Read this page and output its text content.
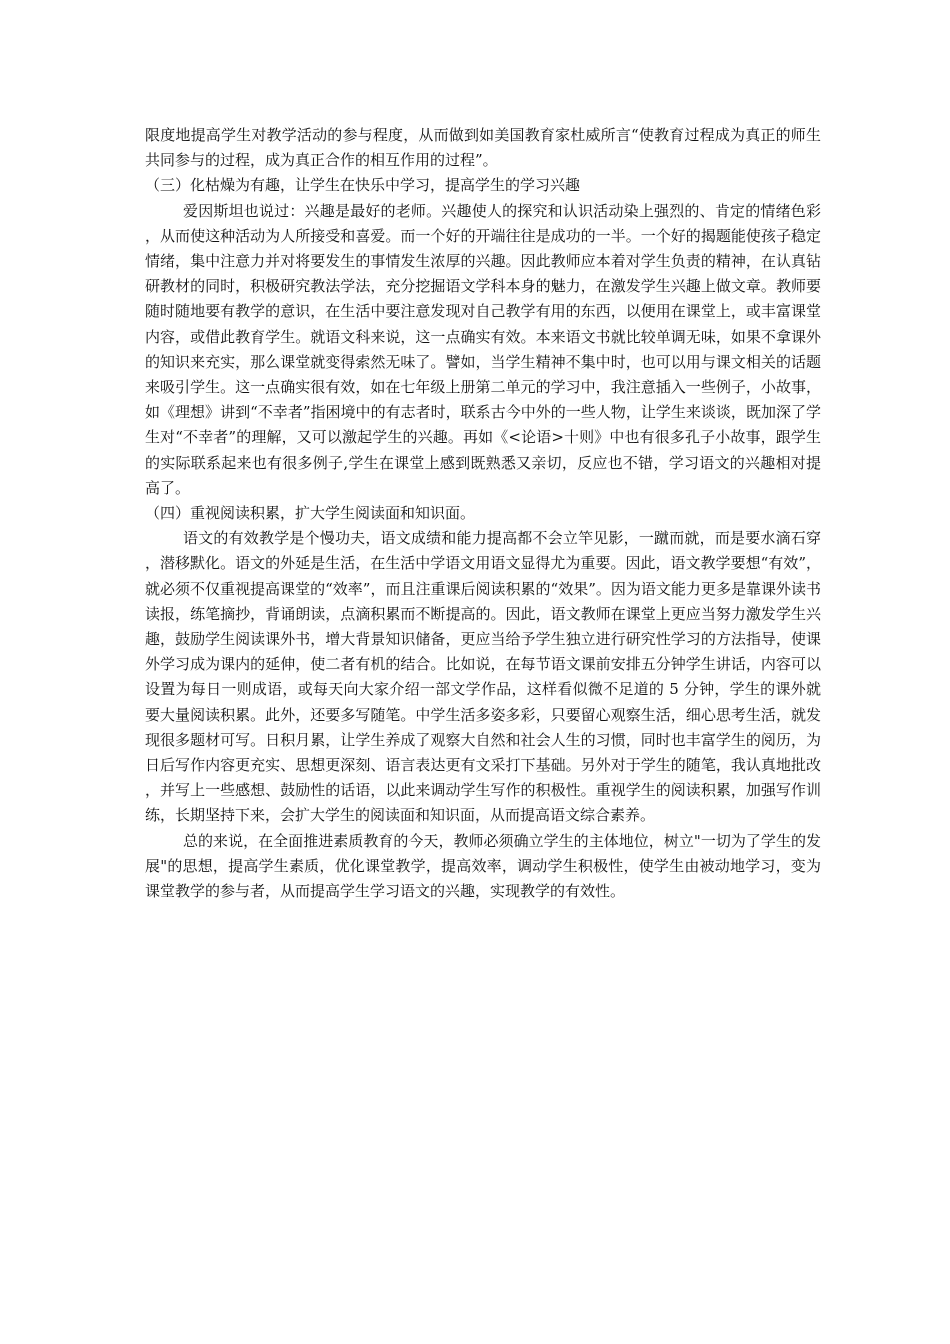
限度地提高学生对教学活动的参与程度，从而做到如美国教育家杜威所言“使教育过程成为真正的师生共同参与的过程，成为真正合作的相互作用的过程”。

（三）化枯燥为有趣，让学生在快乐中学习，提高学生的学习兴趣

爱因斯坦也说过：兴趣是最好的老师。兴趣使人的探究和认识活动染上强烈的、肯定的情绪色彩，从而使这种活动为人所接受和喜爱。而一个好的开端往往是成功的一半。一个好的揭题能使孩子稳定情绪，集中注意力并对将要发生的事情发生浓厚的兴趣。因此教师应本着对学生负责的精神，在认真钻研教材的同时，积极研究教法学法，充分挖掘语文学科本身的魅力，在激发学生兴趣上做文章。教师要随时随地要有教学的意识，在生活中要注意发现对自己教学有用的东西，以便用在课堂上，或丰富课堂内容，或借此教育学生。就语文科来说，这一点确实有效。本来语文书就比较单调无味，如果不拿课外的知识来充实，那么课堂就变得索然无味了。譬如，当学生精神不集中时，也可以用与课文相关的话题来吸引学生。这一点确实很有效，如在七年级上册第二单元的学习中，我注意插入一些例子，小故事，如《理想》讲到“不幸者”指困境中的有志者时，联系古今中外的一些人物，让学生来谈谈，既加深了学生对“不幸者”的理解，又可以激起学生的兴趣。再如《<论语>十则》中也有很多孔子小故事，跟学生的实际联系起来也有很多例子,学生在课堂上感到既熟悉又亲切，反应也不错，学习语文的兴趣相对提高了。

（四）重视阅读积累，扩大学生阅读面和知识面。

语文的有效教学是个慢功夫，语文成绩和能力提高都不会立竿见影，一蹴而就，而是要水滴石穿，潜移默化。语文的外延是生活，在生活中学语文用语文显得尤为重要。因此，语文教学要想“有效”，就必须不仅重视提高课堂的“效率”，而且注重课后阅读积累的“效果”。因为语文能力更多是靠课外读书读报，练笔摘抄，背诵朗读，点滴积累而不断提高的。因此，语文教师在课堂上更应当努力激发学生兴趣，鼓励学生阅读课外书，增大背景知识储备，更应当给予学生独立进行研究性学习的方法指导，使课外学习成为课内的延伸，使二者有机的结合。比如说，在每节语文课前安排五分钟学生讲话，内容可以设置为每日一则成语，或每天向大家介绍一部文学作品，这样看似微不足道的 5 分钟，学生的课外就要大量阅读积累。此外，还要多写随笔。中学生活多姿多彩，只要留心观察生活，细心思考生活，就发现很多题材可写。日积月累，让学生养成了观察大自然和社会人生的习惯，同时也丰富学生的阅历，为日后写作内容更充实、思想更深刻、语言表达更有文采打下基础。另外对于学生的随笔，我认真地批改，并写上一些感想、鼓励性的话语，以此来调动学生写作的积极性。重视学生的阅读积累，加强写作训练，长期坚持下来，会扩大学生的阅读面和知识面，从而提高语文综合素养。

总的来说，在全面推进素质教育的今天，教师必须确立学生的主体地位，树立"一切为了学生的发展"的思想，提高学生素质，优化课堂教学，提高效率，调动学生积极性，使学生由被动地学习，变为课堂教学的参与者，从而提高学生学习语文的兴趣，实现教学的有效性。
